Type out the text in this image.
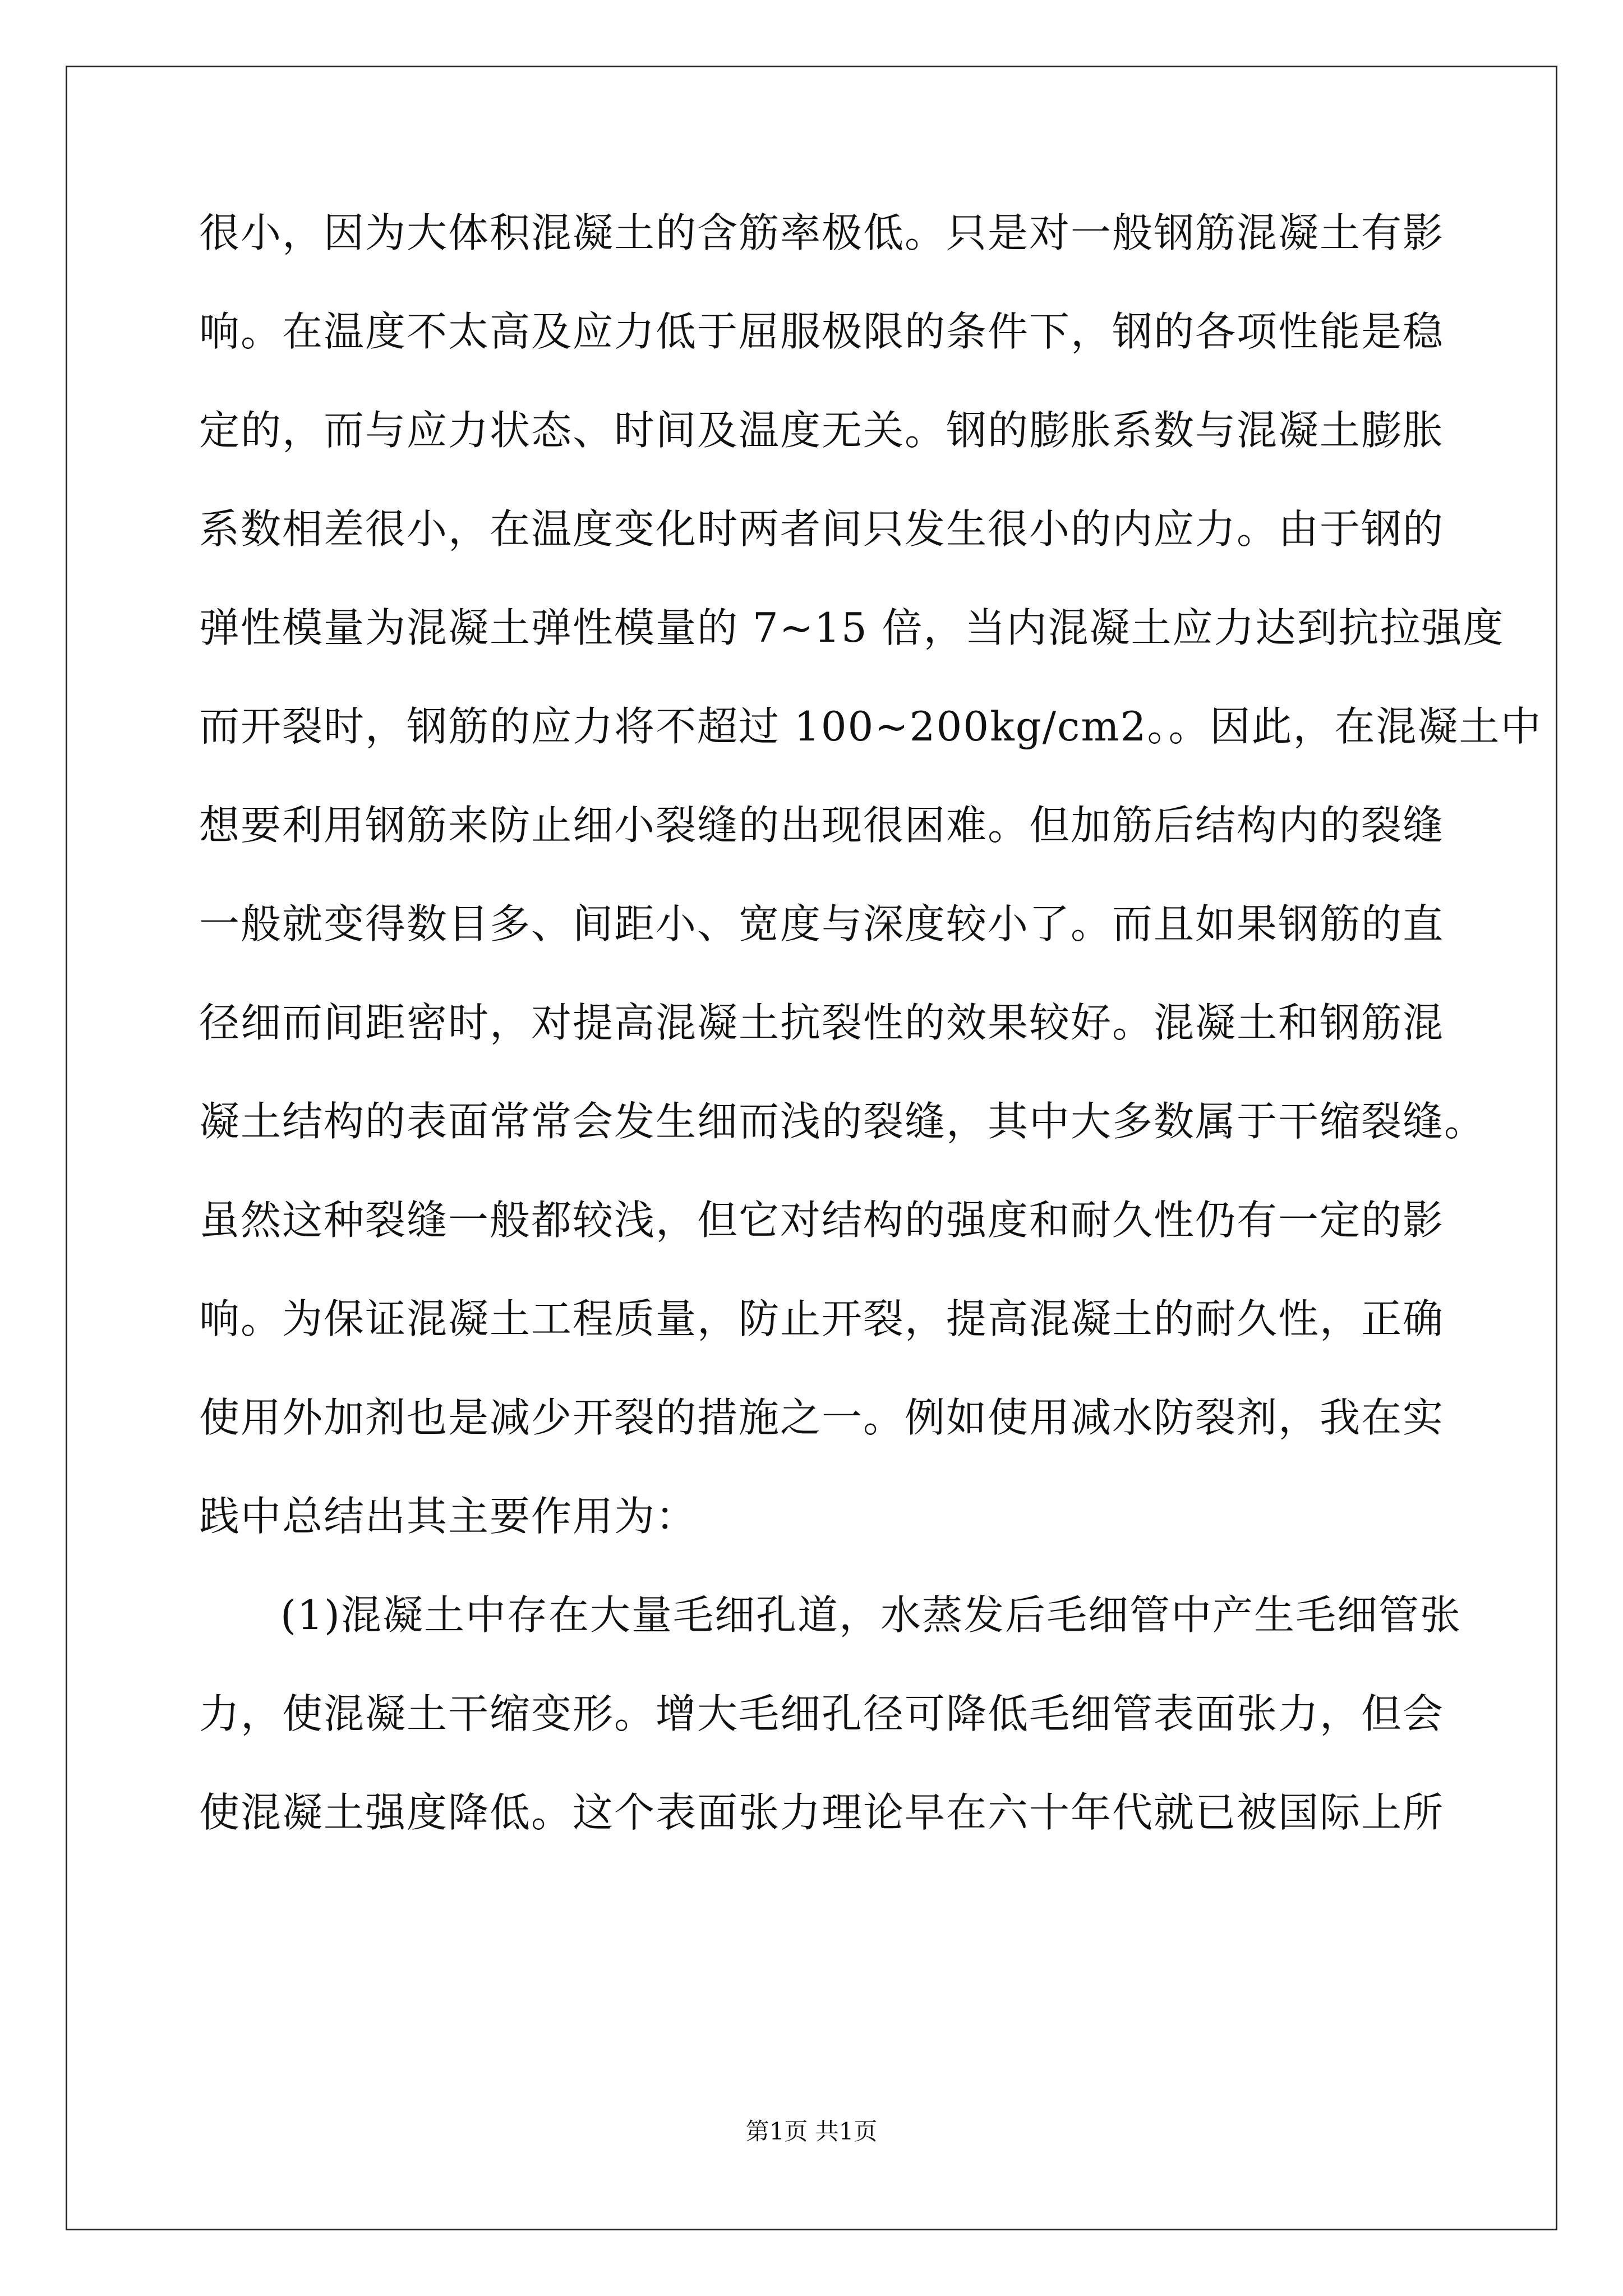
很小，因为大体积混凝土的含筋率极低。只是对一般钢筋混凝土有影
响。在温度不太高及应力低于屈服极限的条件下，钢的各项性能是稳
定的，而与应力状态、时间及温度无关。钢的膨胀系数与混凝土膨胀
系数相差很小，在温度变化时两者间只发生很小的内应力。由于钢的
弹性模量为混凝土弹性模量的 7~15 倍，当内混凝土应力达到抗拉强度
而开裂时，钢筋的应力将不超过 100~200kg/cm2。。因此，在混凝土中
想要利用钢筋来防止细小裂缝的出现很困难。但加筋后结构内的裂缝
一般就变得数目多、间距小、宽度与深度较小了。而且如果钢筋的直
径细而间距密时，对提高混凝土抗裂性的效果较好。混凝土和钢筋混
凝土结构的表面常常会发生细而浅的裂缝，其中大多数属于干缩裂缝。
虽然这种裂缝一般都较浅，但它对结构的强度和耐久性仍有一定的影
响。为保证混凝土工程质量，防止开裂，提高混凝土的耐久性，正确
使用外加剂也是减少开裂的措施之一。例如使用减水防裂剂，我在实
践中总结出其主要作用为：
(1)混凝土中存在大量毛细孔道，水蒸发后毛细管中产生毛细管张
力，使混凝土干缩变形。增大毛细孔径可降低毛细管表面张力，但会
使混凝土强度降低。这个表面张力理论早在六十年代就已被国际上所
第1页 共1页
